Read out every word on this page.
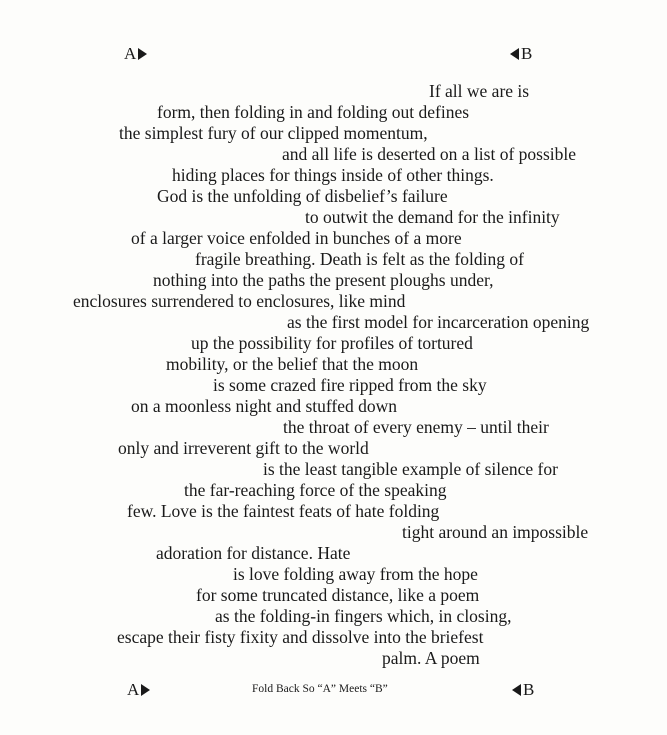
A	B
If all we are is
form, then folding in and folding out defines
the simplest fury of our clipped momentum,
and all life is deserted on a list of possible
hiding places for things inside of other things.
God is the unfolding of disbelief’s failure
to outwit the demand for the infinity
of a larger voice enfolded in bunches of a more
fragile breathing. Death is felt as the folding of
nothing into the paths the present ploughs under,
enclosures surrendered to enclosures, like mind
as the first model for incarceration opening
up the possibility for profiles of tortured
mobility, or the belief that the moon
is some crazed fire ripped from the sky
on a moonless night and stuffed down
the throat of every enemy – until their
only and irreverent gift to the world
is the least tangible example of silence for
the far-reaching force of the speaking
few. Love is the faintest feats of hate folding
tight around an impossible
adoration for distance. Hate
is love folding away from the hope
for some truncated distance, like a poem
as the folding-in fingers which, in closing,
escape their fisty fixity and dissolve into the briefest
palm. A poem
A	Fold Back So “A” Meets “B”	B
